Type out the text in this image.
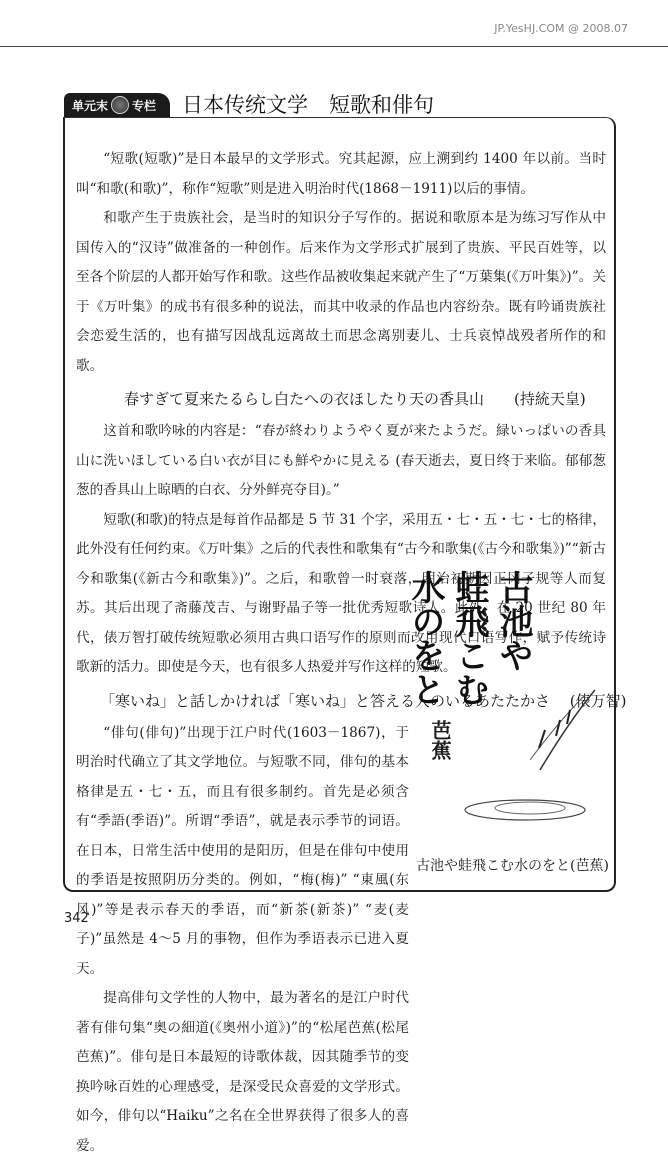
JP.YesHJ.COM @ 2008.07
单元末 专栏 日本传统文学　短歌和俳句

“短歌(短歌)”是日本最早的文学形式。究其起源，应上溯到约 1400 年以前。当时叫“和歌(和歌)”，称作“短歌”则是进入明治时代(1868－1911)以后的事情。

和歌产生于贵族社会，是当时的知识分子写作的。据说和歌原本是为练习写作从中国传入的“汉诗”做准备的一种创作。后来作为文学形式扩展到了贵族、平民百姓等，以至各个阶层的人都开始写作和歌。这些作品被收集起来就产生了“万葉集(《万叶集》)”。关于《万叶集》的成书有很多种的说法，而其中收录的作品也内容纷杂。既有吟诵贵族社会恋爱生活的，也有描写因战乱远离故土而思念离别妻儿、士兵哀悼战殁者所作的和歌。

春すぎて夏来たるらし白たへの衣ほしたり天の香具山　　(持統天皇)

这首和歌吟咏的内容是：“春が終わりようやく夏が来たようだ。緑いっぱいの香具山に洗いほしている白い衣が目にも鮮やかに見える (春天逝去，夏日终于来临。郁郁葱葱的香具山上晾晒的白衣、分外鲜亮夺目)。”

短歌(和歌)的特点是每首作品都是 5 节 31 个字，采用五・七・五・七・七的格律，此外没有任何约束。《万叶集》之后的代表性和歌集有“古今和歌集(《古今和歌集》)”“新古今和歌集(《新古今和歌集》)”。之后，和歌曾一时衰落，明治初期因正冈子规等人而复苏。其后出现了斋藤茂吉、与谢野晶子等一批优秀短歌诗人。此外，在 20 世纪 80 年代，俵万智打破传统短歌必须用古典口语写作的原则而改用现代口语写作，赋予传统诗歌新的活力。即使是今天，也有很多人热爱并写作这样的短歌。

「寒いね」と話しかければ「寒いね」と答える人のいるあたたかさ　 (俵万智)

“俳句(俳句)”出现于江户时代(1603－1867)，于明治时代确立了其文学地位。与短歌不同，俳句的基本格律是五・七・五，而且有很多制约。首先是必须含有“季語(季语)”。所谓“季语”，就是表示季节的词语。在日本，日常生活中使用的是阳历，但是在俳句中使用的季语是按照阴历分类的。例如，“梅(梅)” “東風(东风)”等是表示春天的季语，而“新茶(新茶)” “麦(麦子)”虽然是 4～5 月的事物，但作为季语表示已进入夏天。

提高俳句文学性的人物中，最为著名的是江户时代著有俳句集“奥の細道(《奥州小道》)”的“松尾芭蕉(松尾芭蕉)”。俳句是日本最短的诗歌体裁，因其随季节的变换吟咏百姓的心理感受，是深受民众喜爱的文学形式。如今，俳句以“Haiku”之名在全世界获得了很多人的喜爱。

古池や
蛙飛こむ
水のをと
芭蕉
古池や蛙飛こむ水のをと(芭蕉)
342
